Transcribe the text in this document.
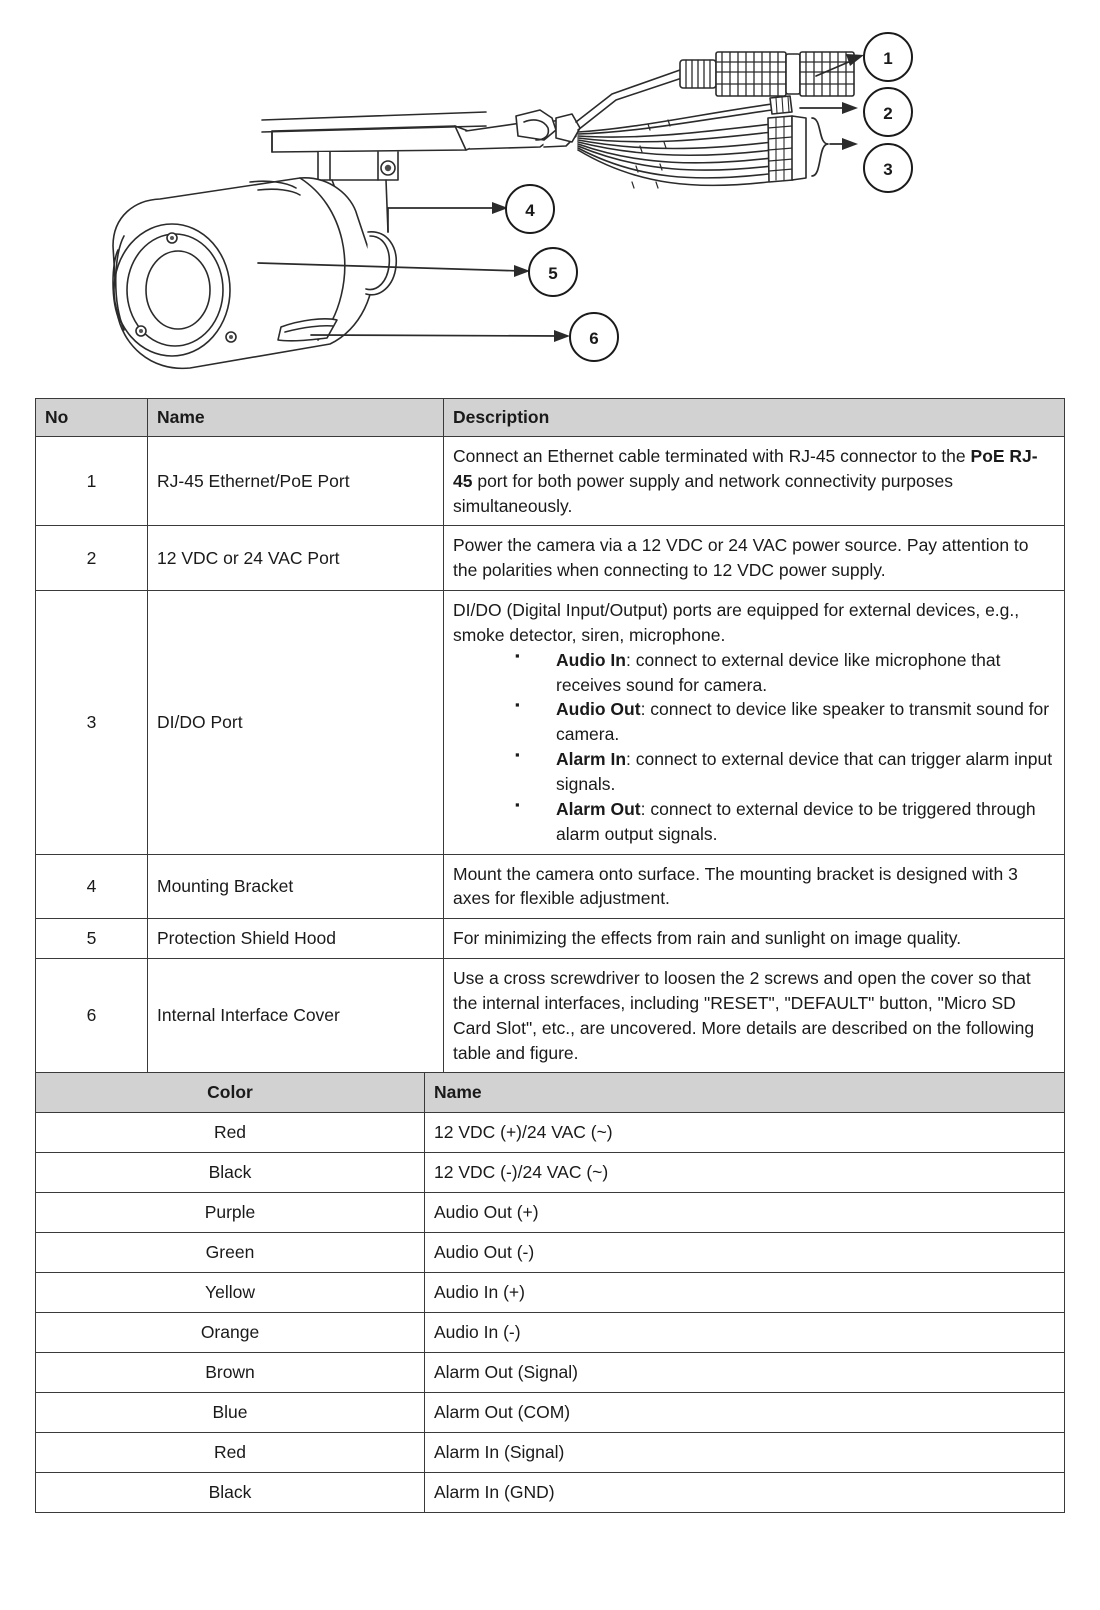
1
2
3
4
5
6
No	Name	Description
1	RJ-45 Ethernet/PoE Port	Connect an Ethernet cable terminated with RJ-45 connector to the PoE RJ-45 port for both power supply and network connectivity purposes simultaneously.

2	12 VDC or 24 VAC Port	Power the camera via a 12 VDC or 24 VAC power source. Pay attention to the polarities when connecting to 12 VDC power supply.
3	DI/DO Port	

DI/DO (Digital Input/Output) ports are equipped for external devices, e.g., smoke detector, siren, microphone.

▪ Audio In: connect to external device like microphone that receives sound for camera.
▪ Audio Out: connect to device like speaker to transmit sound for camera.
▪ Alarm In: connect to external device that can trigger alarm input signals.
▪ Alarm Out: connect to external device to be triggered through alarm output signals.

4	Mounting Bracket	Mount the camera onto surface. The mounting bracket is designed with 3 axes for flexible adjustment.
5	Protection Shield Hood	For minimizing the effects from rain and sunlight on image quality.
6	Internal Interface Cover	Use a cross screwdriver to loosen the 2 screws and open the cover so that the internal interfaces, including "RESET", "DEFAULT" button, "Micro SD Card Slot", etc., are uncovered. More details are described on the following table and figure.
Color	Name
Red	12 VDC (+)/24 VAC (~)
Black	12 VDC (-)/24 VAC (~)
Purple	Audio Out (+)
Green	Audio Out (-)
Yellow	Audio In (+)
Orange	Audio In (-)
Brown	Alarm Out (Signal)
Blue	Alarm Out (COM)
Red	Alarm In (Signal)
Black	Alarm In (GND)
